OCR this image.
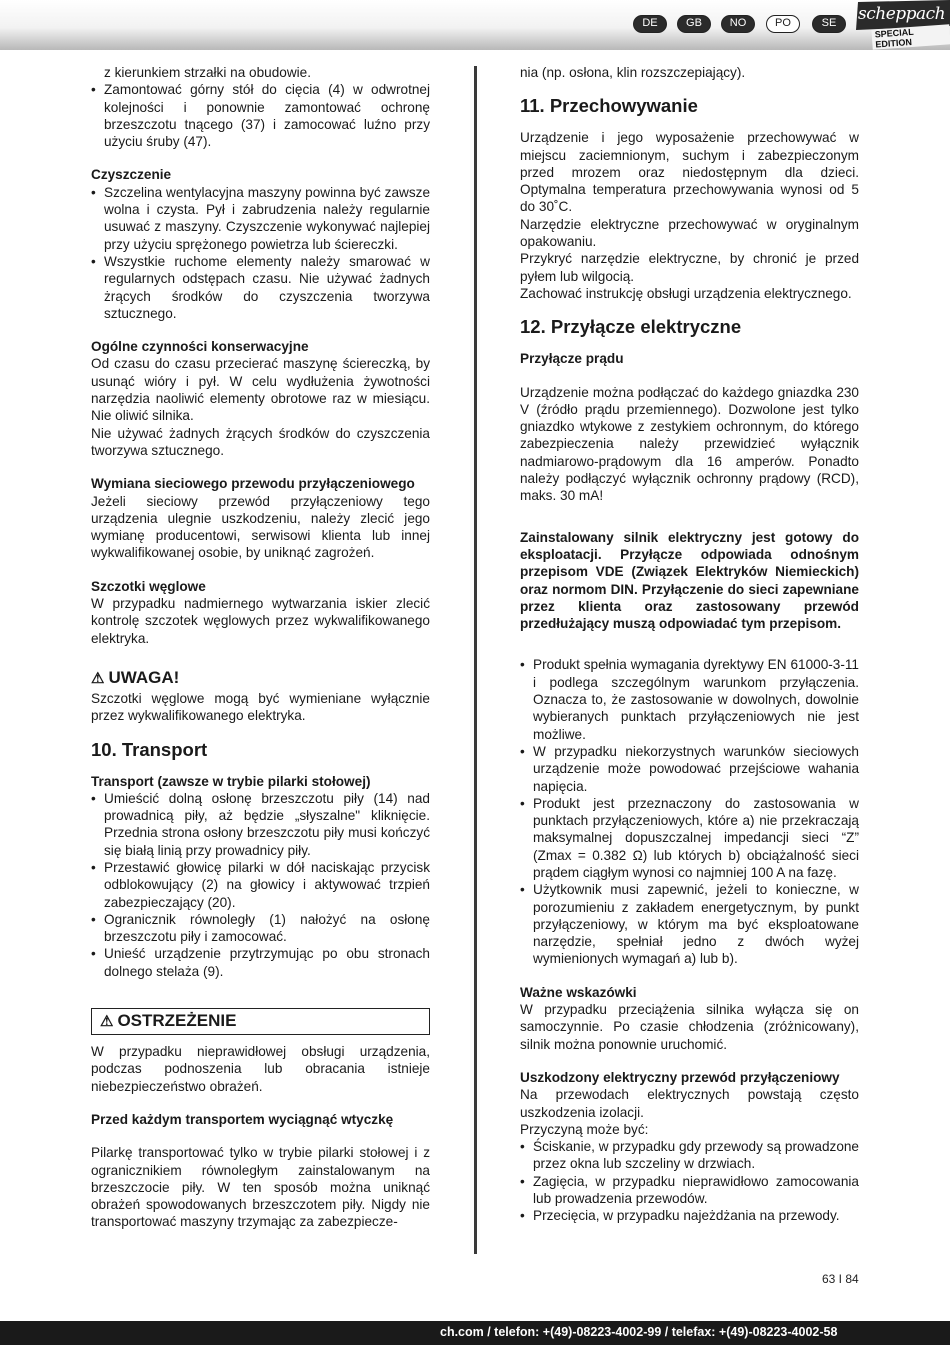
DE	GB	NO	PO	SE	scheppach
SPECIAL EDITION

z kierunkiem strzałki na obudowie.

• Zamontować górny stół do cięcia (4) w odwrotnej kolejności i ponownie zamontować ochronę brzeszczotu tnącego (37) i zamocować luźno przy użyciu śruby (47).
Czyszczenie
• Szczelina wentylacyjna maszyny powinna być zawsze wolna i czysta. Pył i zabrudzenia należy regularnie usuwać z maszyny. Czyszczenie wykonywać najlepiej przy użyciu sprężonego powietrza lub ściereczki.
• Wszystkie ruchome elementy należy smarować w regularnych odstępach czasu. Nie używać żadnych żrących środków do czyszczenia tworzywa sztucznego.
Ogólne czynności konserwacyjne

Od czasu do czasu przecierać maszynę ściereczką, by usunąć wióry i pył. W celu wydłużenia żywotności narzędzia naoliwić elementy obrotowe raz w miesiącu. Nie oliwić silnika.

Nie używać żadnych żrących środków do czyszczenia tworzywa sztucznego.

Wymiana sieciowego przewodu przyłączeniowego

Jeżeli sieciowy przewód przyłączeniowy tego urządzenia ulegnie uszkodzeniu, należy zlecić jego wymianę producentowi, serwisowi klienta lub innej wykwalifikowanej osobie, by uniknąć zagrożeń.

Szczotki węglowe

W przypadku nadmiernego wytwarzania iskier zlecić kontrolę szczotek węglowych przez wykwalifikowanego elektryka.

⚠ UWAGA!

Szczotki węglowe mogą być wymieniane wyłącznie przez wykwalifikowanego elektryka.

10. Transport
Transport (zawsze w trybie pilarki stołowej)
• Umieścić dolną osłonę brzeszczotu piły (14) nad prowadnicą piły, aż będzie „słyszalne" kliknięcie. Przednia strona osłony brzeszczotu piły musi kończyć się białą linią przy prowadnicy piły.
• Przestawić głowicę pilarki w dół naciskając przycisk odblokowujący (2) na głowicy i aktywować trzpień zabezpieczający (20).
• Ogranicznik równoległy (1) nałożyć na osłonę brzeszczotu piły i zamocować.
• Unieść urządzenie przytrzymując po obu stronach dolnego stelaża (9).
⚠ OSTRZEŻENIE

W przypadku nieprawidłowej obsługi urządzenia, podczas podnoszenia lub obracania istnieje niebezpieczeństwo obrażeń.

Przed każdym transportem wyciągnąć wtyczkę

Pilarkę transportować tylko w trybie pilarki stołowej i z ogranicznikiem równoległym zainstalowanym na brzeszczocie piły. W ten sposób można uniknąć obrażeń spowodowanych brzeszczotem piły. Nigdy nie transportować maszyny trzymając za zabezpiecze-

nia (np. osłona, klin rozszczepiający).

11. Przechowywanie

Urządzenie i jego wyposażenie przechowywać w miejscu zaciemnionym, suchym i zabezpieczonym przed mrozem oraz niedostępnym dla dzieci. Optymalna temperatura przechowywania wynosi od 5 do 30˚C.

Narzędzie elektryczne przechowywać w oryginalnym opakowaniu.

Przykryć narzędzie elektryczne, by chronić je przed pyłem lub wilgocią.

Zachować instrukcję obsługi urządzenia elektrycznego.

12. Przyłącze elektryczne
Przyłącze prądu

Urządzenie można podłączać do każdego gniazdka 230 V (źródło prądu przemiennego). Dozwolone jest tylko gniazdko wtykowe z zestykiem ochronnym, do którego zabezpieczenia należy przewidzieć wyłącznik nadmiarowo-prądowym dla 16 amperów. Ponadto należy podłączyć wyłącznik ochronny prądowy (RCD), maks. 30 mA!

Zainstalowany silnik elektryczny jest gotowy do eksploatacji. Przyłącze odpowiada odnośnym przepisom VDE (Związek Elektryków Niemieckich) oraz normom DIN. Przyłączenie do sieci zapewniane przez klienta oraz zastosowany przewód przedłużający muszą odpowiadać tym przepisom.

• Produkt spełnia wymagania dyrektywy EN 61000-3-11 i podlega szczególnym warunkom przyłączenia. Oznacza to, że zastosowanie w dowolnych, dowolnie wybieranych punktach przyłączeniowych nie jest możliwe.
• W przypadku niekorzystnych warunków sieciowych urządzenie może powodować przejściowe wahania napięcia.
• Produkt jest przeznaczony do zastosowania w punktach przyłączeniowych, które a) nie przekraczają maksymalnej dopuszczalnej impedancji sieci “Z” (Zmax = 0.382 Ω) lub których b) obciążalność sieci prądem ciągłym wynosi co najmniej 100 A na fazę.
• Użytkownik musi zapewnić, jeżeli to konieczne, w porozumieniu z zakładem energetycznym, by punkt przyłączeniowy, w którym ma być eksploatowane narzędzie, spełniał jedno z dwóch wyżej wymienionych wymagań a) lub b).
Ważne wskazówki

W przypadku przeciążenia silnika wyłącza się on samoczynnie. Po czasie chłodzenia (zróżnicowany), silnik można ponownie uruchomić.

Uszkodzony elektryczny przewód przyłączeniowy

Na przewodach elektrycznych powstają często uszkodzenia izolacji.

Przyczyną może być:

• Ściskanie, w przypadku gdy przewody są prowadzone przez okna lub szczeliny w drzwiach.
• Zagięcia, w przypadku nieprawidłowo zamocowania lub prowadzenia przewodów.
• Przecięcia, w przypadku najeżdżania na przewody.
63 I 84
ch.com / telefon: +(49)-08223-4002-99 / telefax: +(49)-08223-4002-58
